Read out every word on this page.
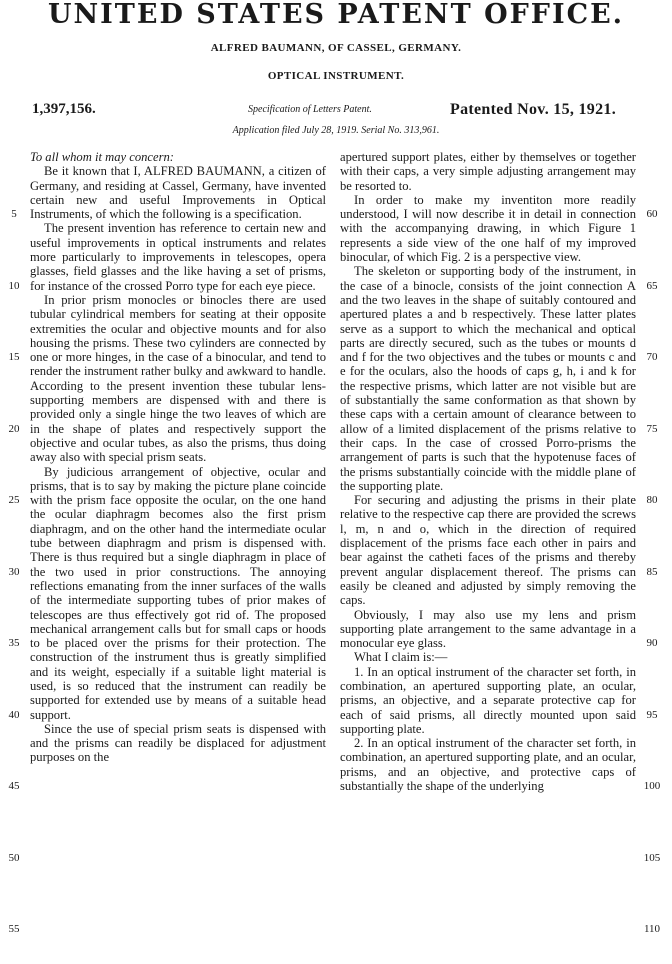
UNITED STATES PATENT OFFICE.
ALFRED BAUMANN, OF CASSEL, GERMANY.
OPTICAL INSTRUMENT.
1,397,156.	Specification of Letters Patent.	Patented Nov. 15, 1921.
Application filed July 28, 1919. Serial No. 313,961.
5
10
15
20
25
30
35
40
45
50
55

To all whom it may concern:

Be it known that I, ALFRED BAUMANN, a citizen of Germany, and residing at Cassel, Germany, have invented certain new and useful Improvements in Optical Instruments, of which the following is a specification.

The present invention has reference to certain new and useful improvements in optical instruments and relates more particularly to improvements in telescopes, opera glasses, field glasses and the like having a set of prisms, for instance of the crossed Porro type for each eye piece.

In prior prism monocles or binocles there are used tubular cylindrical members for seating at their opposite extremities the ocular and objective mounts and for also housing the prisms. These two cylinders are connected by one or more hinges, in the case of a binocular, and tend to render the instrument rather bulky and awkward to handle. According to the present invention these tubular lens-supporting members are dispensed with and there is provided only a single hinge the two leaves of which are in the shape of plates and respectively support the objective and ocular tubes, as also the prisms, thus doing away also with special prism seats.

By judicious arrangement of objective, ocular and prisms, that is to say by making the picture plane coincide with the prism face opposite the ocular, on the one hand the ocular diaphragm becomes also the first prism diaphragm, and on the other hand the intermediate ocular tube between diaphragm and prism is dispensed with. There is thus required but a single diaphragm in place of the two used in prior constructions. The annoying reflections emanating from the inner surfaces of the walls of the intermediate supporting tubes of prior makes of telescopes are thus effectively got rid of. The proposed mechanical arrangement calls but for small caps or hoods to be placed over the prisms for their protection. The construction of the instrument thus is greatly simplified and its weight, especially if a suitable light material is used, is so reduced that the instrument can readily be supported for extended use by means of a suitable head support.

Since the use of special prism seats is dispensed with and the prisms can readily be displaced for adjustment purposes on the

apertured support plates, either by themselves or together with their caps, a very simple adjusting arrangement may be resorted to.

In order to make my inventiton more readily understood, I will now describe it in detail in connection with the accompanying drawing, in which Figure 1 represents a side view of the one half of my improved binocular, of which Fig. 2 is a perspective view.

The skeleton or supporting body of the instrument, in the case of a binocle, consists of the joint connection A and the two leaves in the shape of suitably contoured and apertured plates a and b respectively. These latter plates serve as a support to which the mechanical and optical parts are directly secured, such as the tubes or mounts d and f for the two objectives and the tubes or mounts c and e for the oculars, also the hoods of caps g, h, i and k for the respective prisms, which latter are not visible but are of substantially the same conformation as that shown by these caps with a certain amount of clearance between to allow of a limited displacement of the prisms relative to their caps. In the case of crossed Porro-prisms the arrangement of parts is such that the hypotenuse faces of the prisms substantially coincide with the middle plane of the supporting plate.

For securing and adjusting the prisms in their plate relative to the respective cap there are provided the screws l, m, n and o, which in the direction of required displacement of the prisms face each other in pairs and bear against the catheti faces of the prisms and thereby prevent angular displacement thereof. The prisms can easily be cleaned and adjusted by simply removing the caps.

Obviously, I may also use my lens and prism supporting plate arrangement to the same advantage in a monocular eye glass.

What I claim is:—

1. In an optical instrument of the character set forth, in combination, an apertured supporting plate, an ocular, prisms, an objective, and a separate protective cap for each of said prisms, all directly mounted upon said supporting plate.

2. In an optical instrument of the character set forth, in combination, an apertured supporting plate, and an ocular, prisms, and an objective, and protective caps of substantially the shape of the underlying

60
65
70
75
80
85
90
95
100
105
110
